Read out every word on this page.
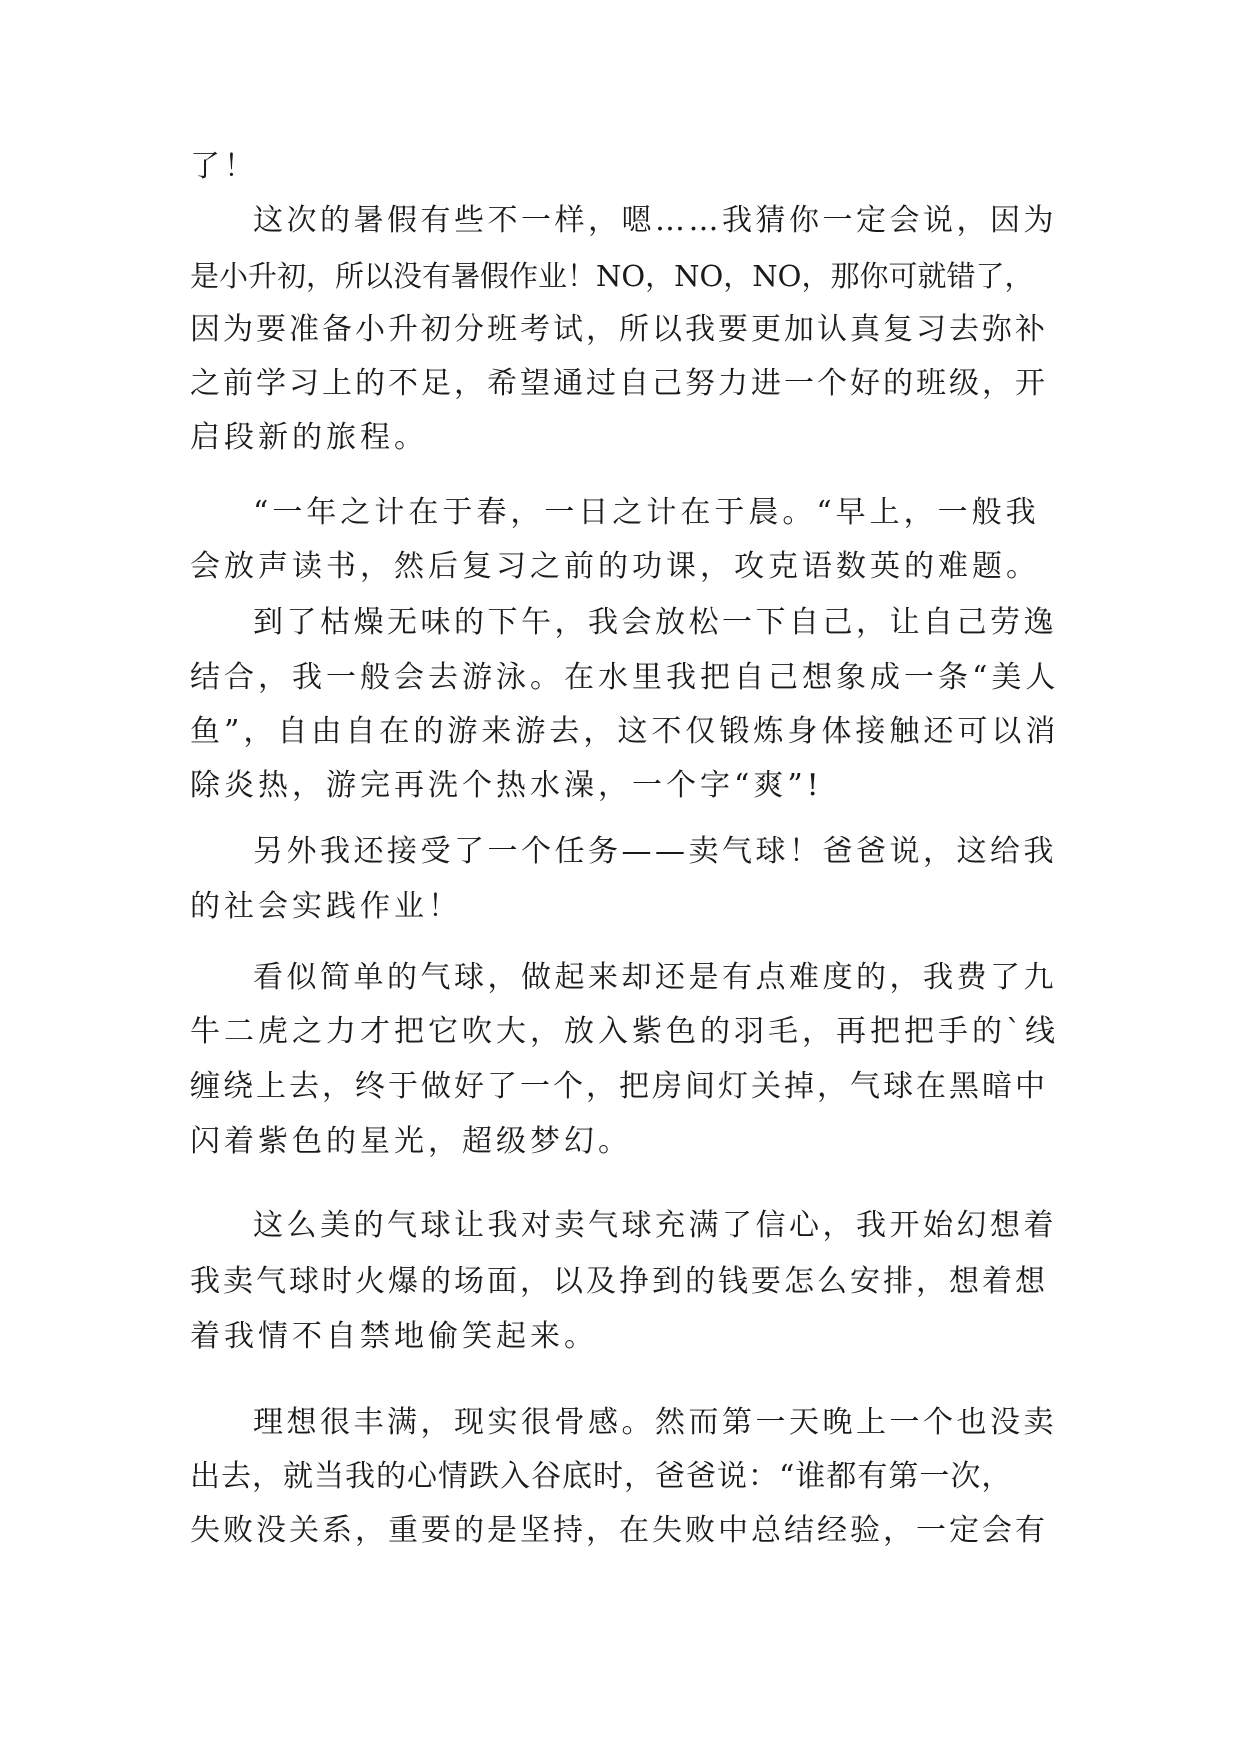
了！
这次的暑假有些不一样，嗯……我猜你一定会说，因为
是小升初，所以没有暑假作业！NO，NO，NO，那你可就错了，
因为要准备小升初分班考试，所以我要更加认真复习去弥补
之前学习上的不足，希望通过自己努力进一个好的班级，开
启段新的旅程。
“一年之计在于春，一日之计在于晨。“早上，一般我
会放声读书，然后复习之前的功课，攻克语数英的难题。
到了枯燥无味的下午，我会放松一下自己，让自己劳逸
结合，我一般会去游泳。在水里我把自己想象成一条“美人
鱼”，自由自在的游来游去，这不仅锻炼身体接触还可以消
除炎热，游完再洗个热水澡，一个字“爽”!
另外我还接受了一个任务——卖气球！爸爸说，这给我
的社会实践作业！
看似简单的气球，做起来却还是有点难度的，我费了九
牛二虎之力才把它吹大，放入紫色的羽毛，再把把手的`线
缠绕上去，终于做好了一个，把房间灯关掉，气球在黑暗中
闪着紫色的星光，超级梦幻。
这么美的气球让我对卖气球充满了信心，我开始幻想着
我卖气球时火爆的场面，以及挣到的钱要怎么安排，想着想
着我情不自禁地偷笑起来。
理想很丰满，现实很骨感。然而第一天晚上一个也没卖
出去，就当我的心情跌入谷底时，爸爸说：“谁都有第一次，
失败没关系，重要的是坚持，在失败中总结经验，一定会有
